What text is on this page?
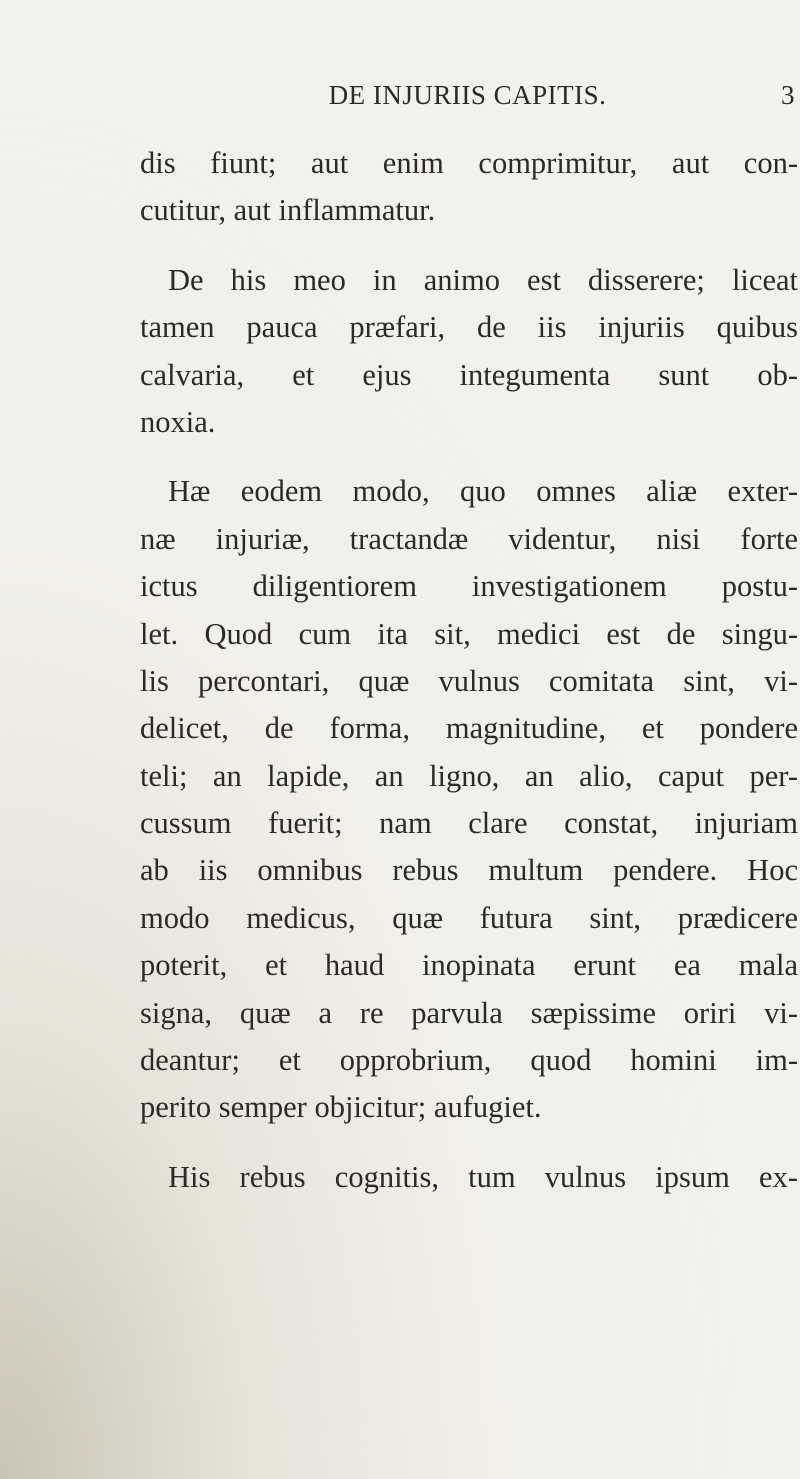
DE INJURIIS CAPITIS.	3
dis fiunt; aut enim comprimitur, aut con-
cutitur, aut inflammatur.
De his meo in animo est disserere; liceat
tamen pauca præfari, de iis injuriis quibus
calvaria, et ejus integumenta sunt ob-
noxia.
Hæ eodem modo, quo omnes aliæ exter-
næ injuriæ, tractandæ videntur, nisi forte
ictus diligentiorem investigationem postu-
let. Quod cum ita sit, medici est de singu-
lis percontari, quæ vulnus comitata sint, vi-
delicet, de forma, magnitudine, et pondere
teli; an lapide, an ligno, an alio, caput per-
cussum fuerit; nam clare constat, injuriam
ab iis omnibus rebus multum pendere. Hoc
modo medicus, quæ futura sint, prædicere
poterit, et haud inopinata erunt ea mala
signa, quæ a re parvula sæpissime oriri vi-
deantur; et opprobrium, quod homini im-
perito semper objicitur; aufugiet.
His rebus cognitis, tum vulnus ipsum ex-
